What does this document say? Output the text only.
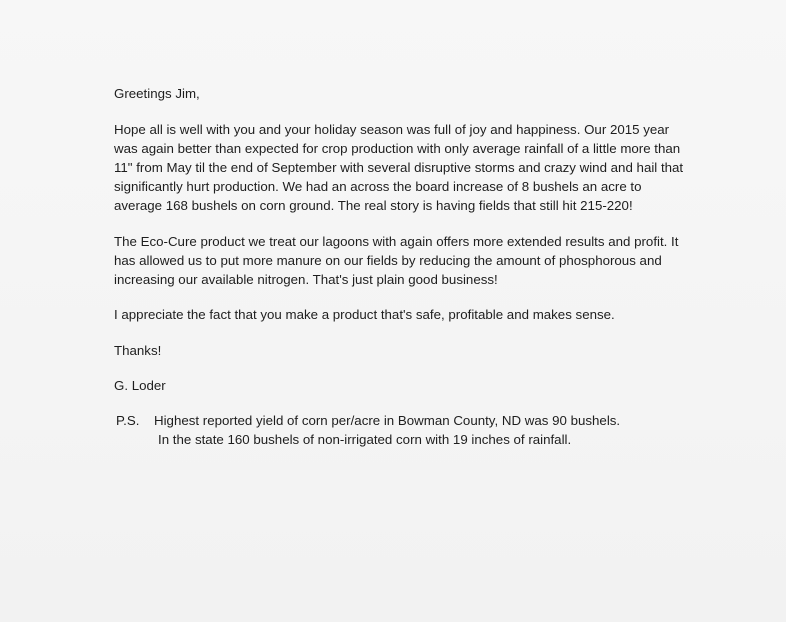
Greetings Jim,

Hope all is well with you and your holiday season was full of joy and happiness. Our 2015 year
was again better than expected for crop production with only average rainfall of a little more than
11" from May til the end of September with several disruptive storms and crazy wind and hail that
significantly hurt production. We had an across the board increase of 8 bushels an acre to
average 168 bushels on corn ground. The real story is having fields that still hit 215-220!

The Eco-Cure product we treat our lagoons with again offers more extended results and profit. It
has allowed us to put more manure on our fields by reducing the amount of phosphorous and
increasing our available nitrogen. That's just plain good business!

I appreciate the fact that you make a product that's safe, profitable and makes sense.

Thanks!

G. Loder

P.S.	Highest reported yield of corn per/acre in Bowman County, ND was 90 bushels.
In the state 160 bushels of non-irrigated corn with 19 inches of rainfall.
